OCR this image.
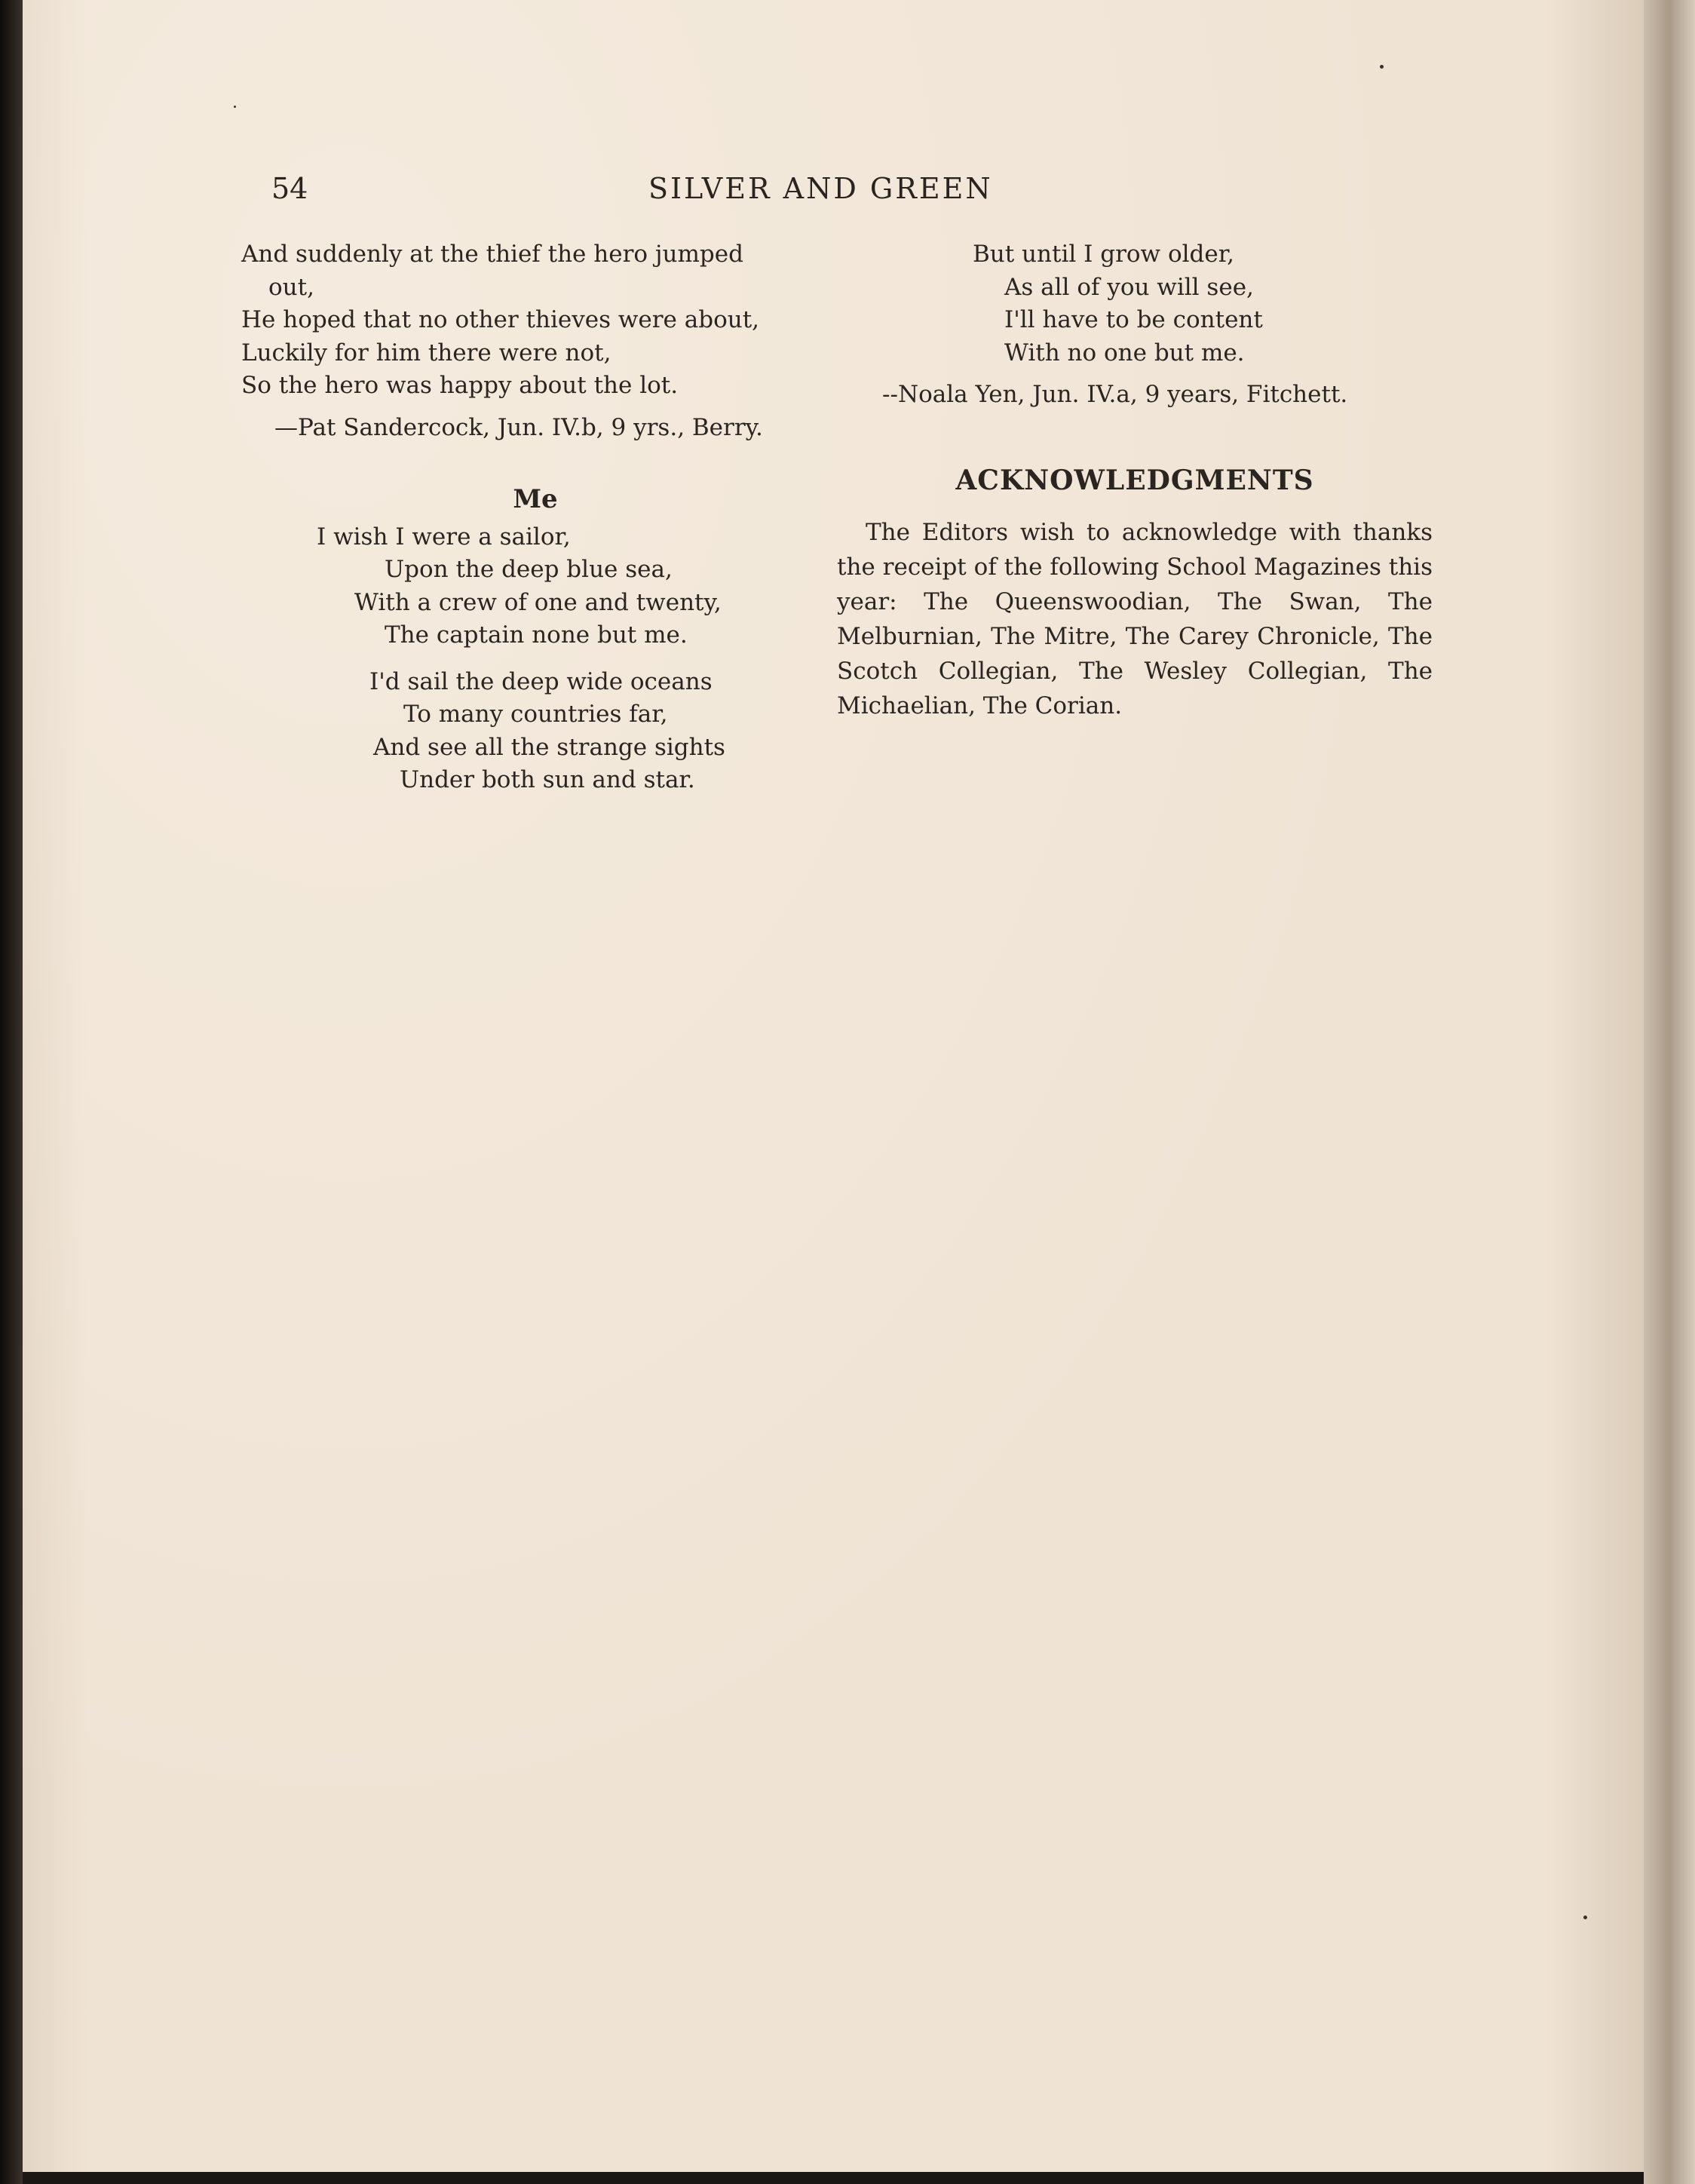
54	SILVER AND GREEN
And suddenly at the thief the hero jumped
out,
He hoped that no other thieves were about,
Luckily for him there were not,
So the hero was happy about the lot.
—Pat Sandercock, Jun. IV.b, 9 yrs., Berry.
Me
I wish I were a sailor,
Upon the deep blue sea,
With a crew of one and twenty,
The captain none but me.
I'd sail the deep wide oceans
To many countries far,
And see all the strange sights
Under both sun and star.
But until I grow older,
As all of you will see,
I'll have to be content
With no one but me.
--Noala Yen, Jun. IV.a, 9 years, Fitchett.
ACKNOWLEDGMENTS
The Editors wish to acknowledge with thanks the receipt of the following School Magazines this year: The Queenswoodian, The Swan, The Melburnian, The Mitre, The Carey Chronicle, The Scotch Collegian, The Wesley Collegian, The Michaelian, The Corian.
